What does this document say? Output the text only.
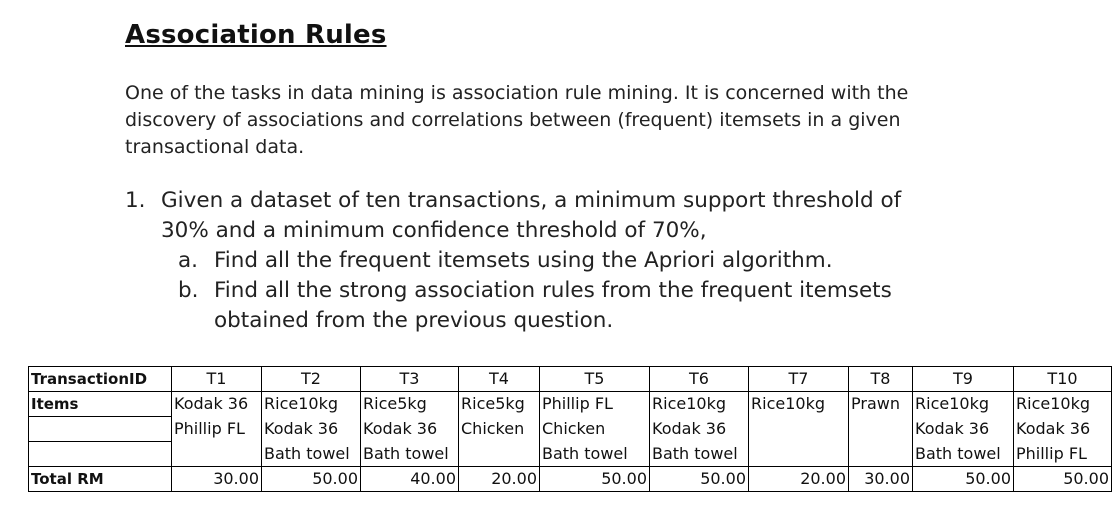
Association Rules
One of the tasks in data mining is association rule mining. It is concerned with the discovery of associations and correlations between (frequent) itemsets in a given transactional data.
1. Given a dataset of ten transactions, a minimum support threshold of
30% and a minimum confidence threshold of 70%,
a. Find all the frequent itemsets using the Apriori algorithm.
b. Find all the strong association rules from the frequent itemsets
obtained from the previous question.
TransactionID	T1	T2	T3	T4	T5	T6	T7	T8	T9	T10
Items	Kodak 36	Rice10kg	Rice5kg	Rice5kg	Phillip FL	Rice10kg	Rice10kg	Prawn	Rice10kg	Rice10kg
	Phillip FL	Kodak 36	Kodak 36	Chicken	Chicken	Kodak 36			Kodak 36	Kodak 36
		Bath towel	Bath towel		Bath towel	Bath towel			Bath towel	Phillip FL
Total RM	30.00	50.00	40.00	20.00	50.00	50.00	20.00	30.00	50.00	50.00
